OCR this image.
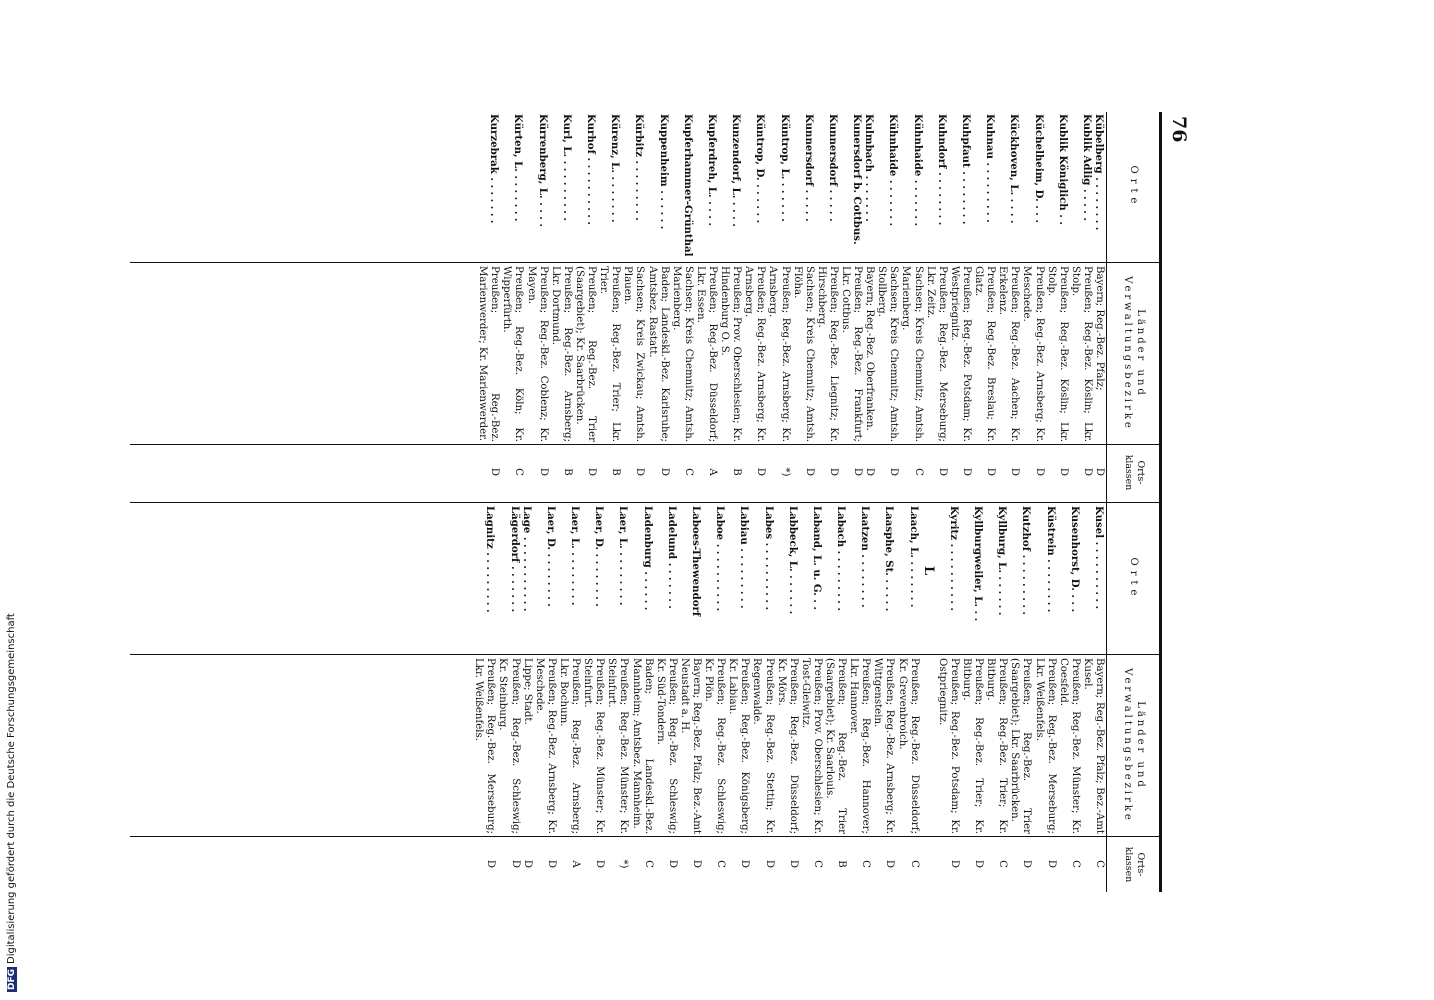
76
Orte
Länder und
Verwaltungsbezirke
Orts-
klassen
Kübelberg . . . . . . . .
Bayern; Reg.-Bez. Pfalz;
D
Kublik Adlig . . . . .
Preußen; Reg.-Bez. Köslin; Lkr. Stolp.
D
Kublik Königlich . .
Preußen; Reg.-Bez. Köslin; Lkr. Stolp.
D
Küchelheim, D. . . .
Preußen; Reg.-Bez. Arnsberg; Kr. Meschede.
D
Kückhoven, L. . . . .
Preußen; Reg.-Bez. Aachen; Kr. Erkelenz.
D
Kuhnau . . . . . . . . .
Preußen; Reg.-Bez. Breslau; Kr. Glatz.
D
Kuhpfaut . . . . . . . .
Preußen; Reg.-Bez. Potsdam; Kr. Westpriegnitz.
D
Kuhndorf . . . . . . . .
Preußen; Reg.-Bez. Merseburg; Lkr. Zeitz.
D
Kühnhaide . . . . . . .
Sachsen; Kreis Chemnitz; Amtsh. Marienberg.
C
Kühnhaide . . . . . . .
Sachsen; Kreis Chemnitz; Amtsh. Stollberg.
D
Kulmbach . . . . . . .
Bayern; Reg.-Bez. Oberfranken.
D
Kunersdorf b. Cottbus.
Preußen; Reg.-Bez. Frankfurt; Lkr. Cottbus.
D
Kunnersdorf . . . . .
Preußen; Reg.-Bez. Liegnitz; Kr. Hirschberg.
D
Kunnersdorf . . . . .
Sachsen; Kreis Chemnitz; Amtsh. Flöha.
D
Küntrop, L. . . . . . .
Preußen; Reg.-Bez. Arnsberg; Kr. Arnsberg.
*)
Küntrop, D. . . . . . .
Preußen; Reg.-Bez. Arnsberg; Kr. Arnsberg.
D
Kunzendorf, L. . . . .
Preußen; Prov. Oberschlesien; Kr. Hindenburg O. S.
B
Kupferdreh, L. . . . .
Preußen; Reg.-Bez. Düsseldorf; Lkr. Essen.
A
Kupferhammer-Grünthal
Sachsen; Kreis Chemnitz; Amtsh. Marienberg.
C
Kuppenheim . . . . . .
Baden; Landeskl.-Bez. Karlsruhe; Amtsbez. Rastatt.
D
Kürbitz . . . . . . . . .
Sachsen; Kreis Zwickau; Amtsh. Plauen.
D
Kürenz, L. . . . . . . .
Preußen; Reg.-Bez. Trier; Lkr. Trier.
B
Kurhof . . . . . . . . . .
Preußen; Reg.-Bez. Trier (Saargebiet); Kr. Saarbrücken.
D
Kurl, L. . . . . . . . . .
Preußen; Reg.-Bez. Arnsberg; Lkr. Dortmund.
B
Kürrenberg, L. . . . .
Preußen; Reg.-Bez. Coblenz; Kr. Mayen.
D
Kürten, L. . . . . . . .
Preußen; Reg.-Bez. Köln; Kr. Wipperfürth.
C
Kurzebrak . . . . . . .
Preußen; Reg.-Bez. Marienwerder; Kr. Marienwerder.
D
Orte
Länder und
Verwaltungsbezirke
Orts-
klassen
Kusel . . . . . . . . . .
Bayern; Reg.-Bez. Pfalz; Bez.-Amt Kusel.
C
Kusenhorst, D. . . .
Preußen; Reg.-Bez. Münster; Kr. Coesfeld.
C
Küstrein . . . . . . . .
Preußen; Reg.-Bez. Merseburg; Lkr. Weißenfels.
D
Kutzhof . . . . . . . . .
Preußen; Reg.-Bez. Trier (Saargebiet); Lkr. Saarbrücken.
D
Kyllburg, L. . . . . . .
Preußen; Reg.-Bez. Trier; Kr. Bitburg.
C
Kyllburgweiler, L. . .
Preußen; Reg.-Bez. Trier; Kr. Bitburg.
D
Kyritz . . . . . . . . . .
Preußen; Reg.-Bez. Potsdam; Kr. Ostpriegnitz.
D
L
Laach, L. . . . . . . .
Preußen; Reg.-Bez. Düsseldorf; Kr. Grevenbroich.
C
Laasphe, St. . . . . .
Preußen; Reg.-Bez. Arnsberg; Kr. Wittgenstein.
D
Laatzen . . . . . . . .
Preußen; Reg.-Bez. Hannover; Lkr. Hannover.
C
Labach . . . . . . . . .
Preußen; Reg.-Bez. Trier (Saargebiet); Kr. Saarlouis.
B
Laband, L. u. G. . .
Preußen; Prov. Oberschlesien; Kr. Tost-Gleiwitz.
C
Labbeck, L. . . . . . .
Preußen; Reg.-Bez. Düsseldorf; Kr. Mörs.
D
Labes . . . . . . . . . .
Preußen; Reg.-Bez. Stettin; Kr. Regenwalde.
D
Labiau . . . . . . . . .
Preußen; Reg.-Bez. Königsberg; Kr. Labiau.
D
Laboe . . . . . . . . . .
Preußen; Reg.-Bez. Schleswig; Kr. Plön.
C
Laboes-Thewendorf
Bayern; Reg.-Bez. Pfalz; Bez.-Amt Neustadt a. H.
D
Ladelund . . . . . . .
Preußen; Reg.-Bez. Schleswig; Kr. Süd-Tondern.
D
Ladenburg . . . . . .
Baden; Landeskl.-Bez. Mannheim; Amtsbez. Mannheim.
C
Laer, L. . . . . . . . .
Preußen; Reg.-Bez. Münster; Kr. Steinfurt.
*)
Laer, D. . . . . . . . .
Preußen; Reg.-Bez. Münster; Kr. Steinfurt.
D
Laer, L. . . . . . . . .
Preußen; Reg.-Bez. Arnsberg; Lkr. Bochum.
A
Laer, D. . . . . . . . .
Preußen; Reg.-Bez. Arnsberg; Kr. Meschede.
D
Lage . . . . . . . . . . .
Lippe; Stadt.
D
Lägerdorf . . . . . . .
Preußen; Reg.-Bez. Schleswig; Kr. Steinburg.
D
Lagnitz . . . . . . . . .
Preußen; Reg.-Bez. Merseburg; Lkr. Weißenfels.
D
DFGDigitalisierung gefördert durch die Deutsche Forschungsgemeinschaft
